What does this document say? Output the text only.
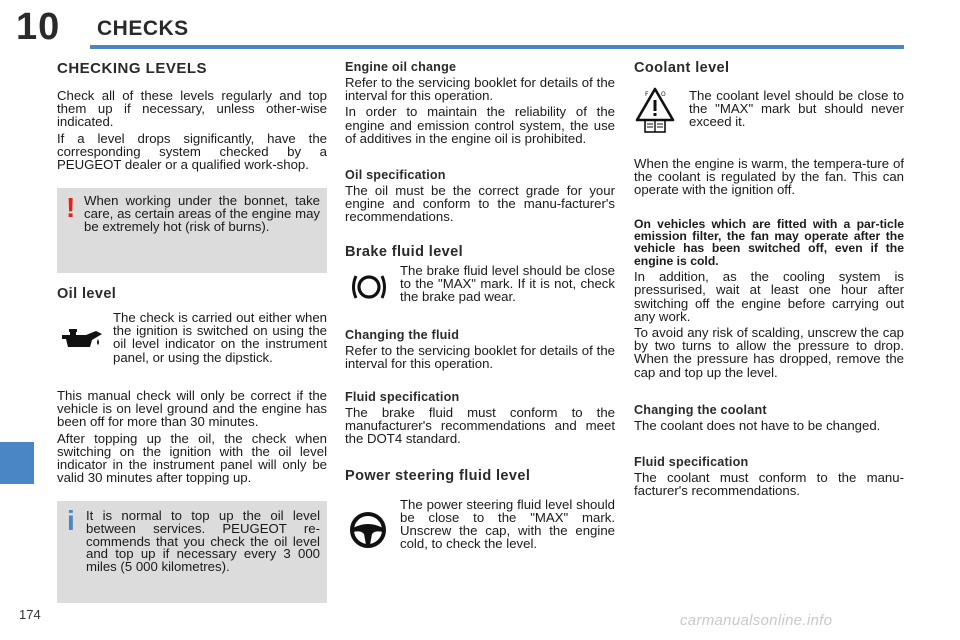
10 CHECKS
174	carmanualsonline.info
CHECKING LEVELS

Check all of these levels regularly and top them up if necessary, unless other-wise indicated.

If a level drops significantly, have the corresponding system checked by a PEUGEOT dealer or a qualified work-shop.

! When working under the bonnet, take care, as certain areas of the engine may be extremely hot (risk of burns).

Oil level

The check is carried out either when the ignition is switched on using the oil level indicator on the instrument panel, or using the dipstick.

This manual check will only be correct if the vehicle is on level ground and the engine has been off for more than 30 minutes.

After topping up the oil, the check when switching on the ignition with the oil level indicator in the instrument panel will only be valid 30 minutes after topping up.

i It is normal to top up the oil level between services. PEUGEOT re-commends that you check the oil level and top up if necessary every 3 000 miles (5 000 kilometres).

Engine oil change

Refer to the servicing booklet for details of the interval for this operation.

In order to maintain the reliability of the engine and emission control system, the use of additives in the engine oil is prohibited.

Oil specification

The oil must be the correct grade for your engine and conform to the manu-facturer's recommendations.

Brake fluid level

The brake fluid level should be close to the "MAX" mark. If it is not, check the brake pad wear.

Changing the fluid

Refer to the servicing booklet for details of the interval for this operation.

Fluid specification

The brake fluid must conform to the manufacturer's recommendations and meet the DOT4 standard.

Power steering fluid level

The power steering fluid level should be close to the "MAX" mark. Unscrew the cap, with the engine cold, to check the level.

Coolant level
F O The coolant level should be close to the "MAX" mark but should never exceed it.

When the engine is warm, the tempera-ture of the coolant is regulated by the fan. This can operate with the ignition off.

On vehicles which are fitted with a par-ticle emission filter, the fan may operate after the vehicle has been switched off, even if the engine is cold.

In addition, as the cooling system is pressurised, wait at least one hour after switching off the engine before carrying out any work.

To avoid any risk of scalding, unscrew the cap by two turns to allow the pressure to drop. When the pressure has dropped, remove the cap and top up the level.

Changing the coolant

The coolant does not have to be changed.

Fluid specification

The coolant must conform to the manu-facturer's recommendations.
